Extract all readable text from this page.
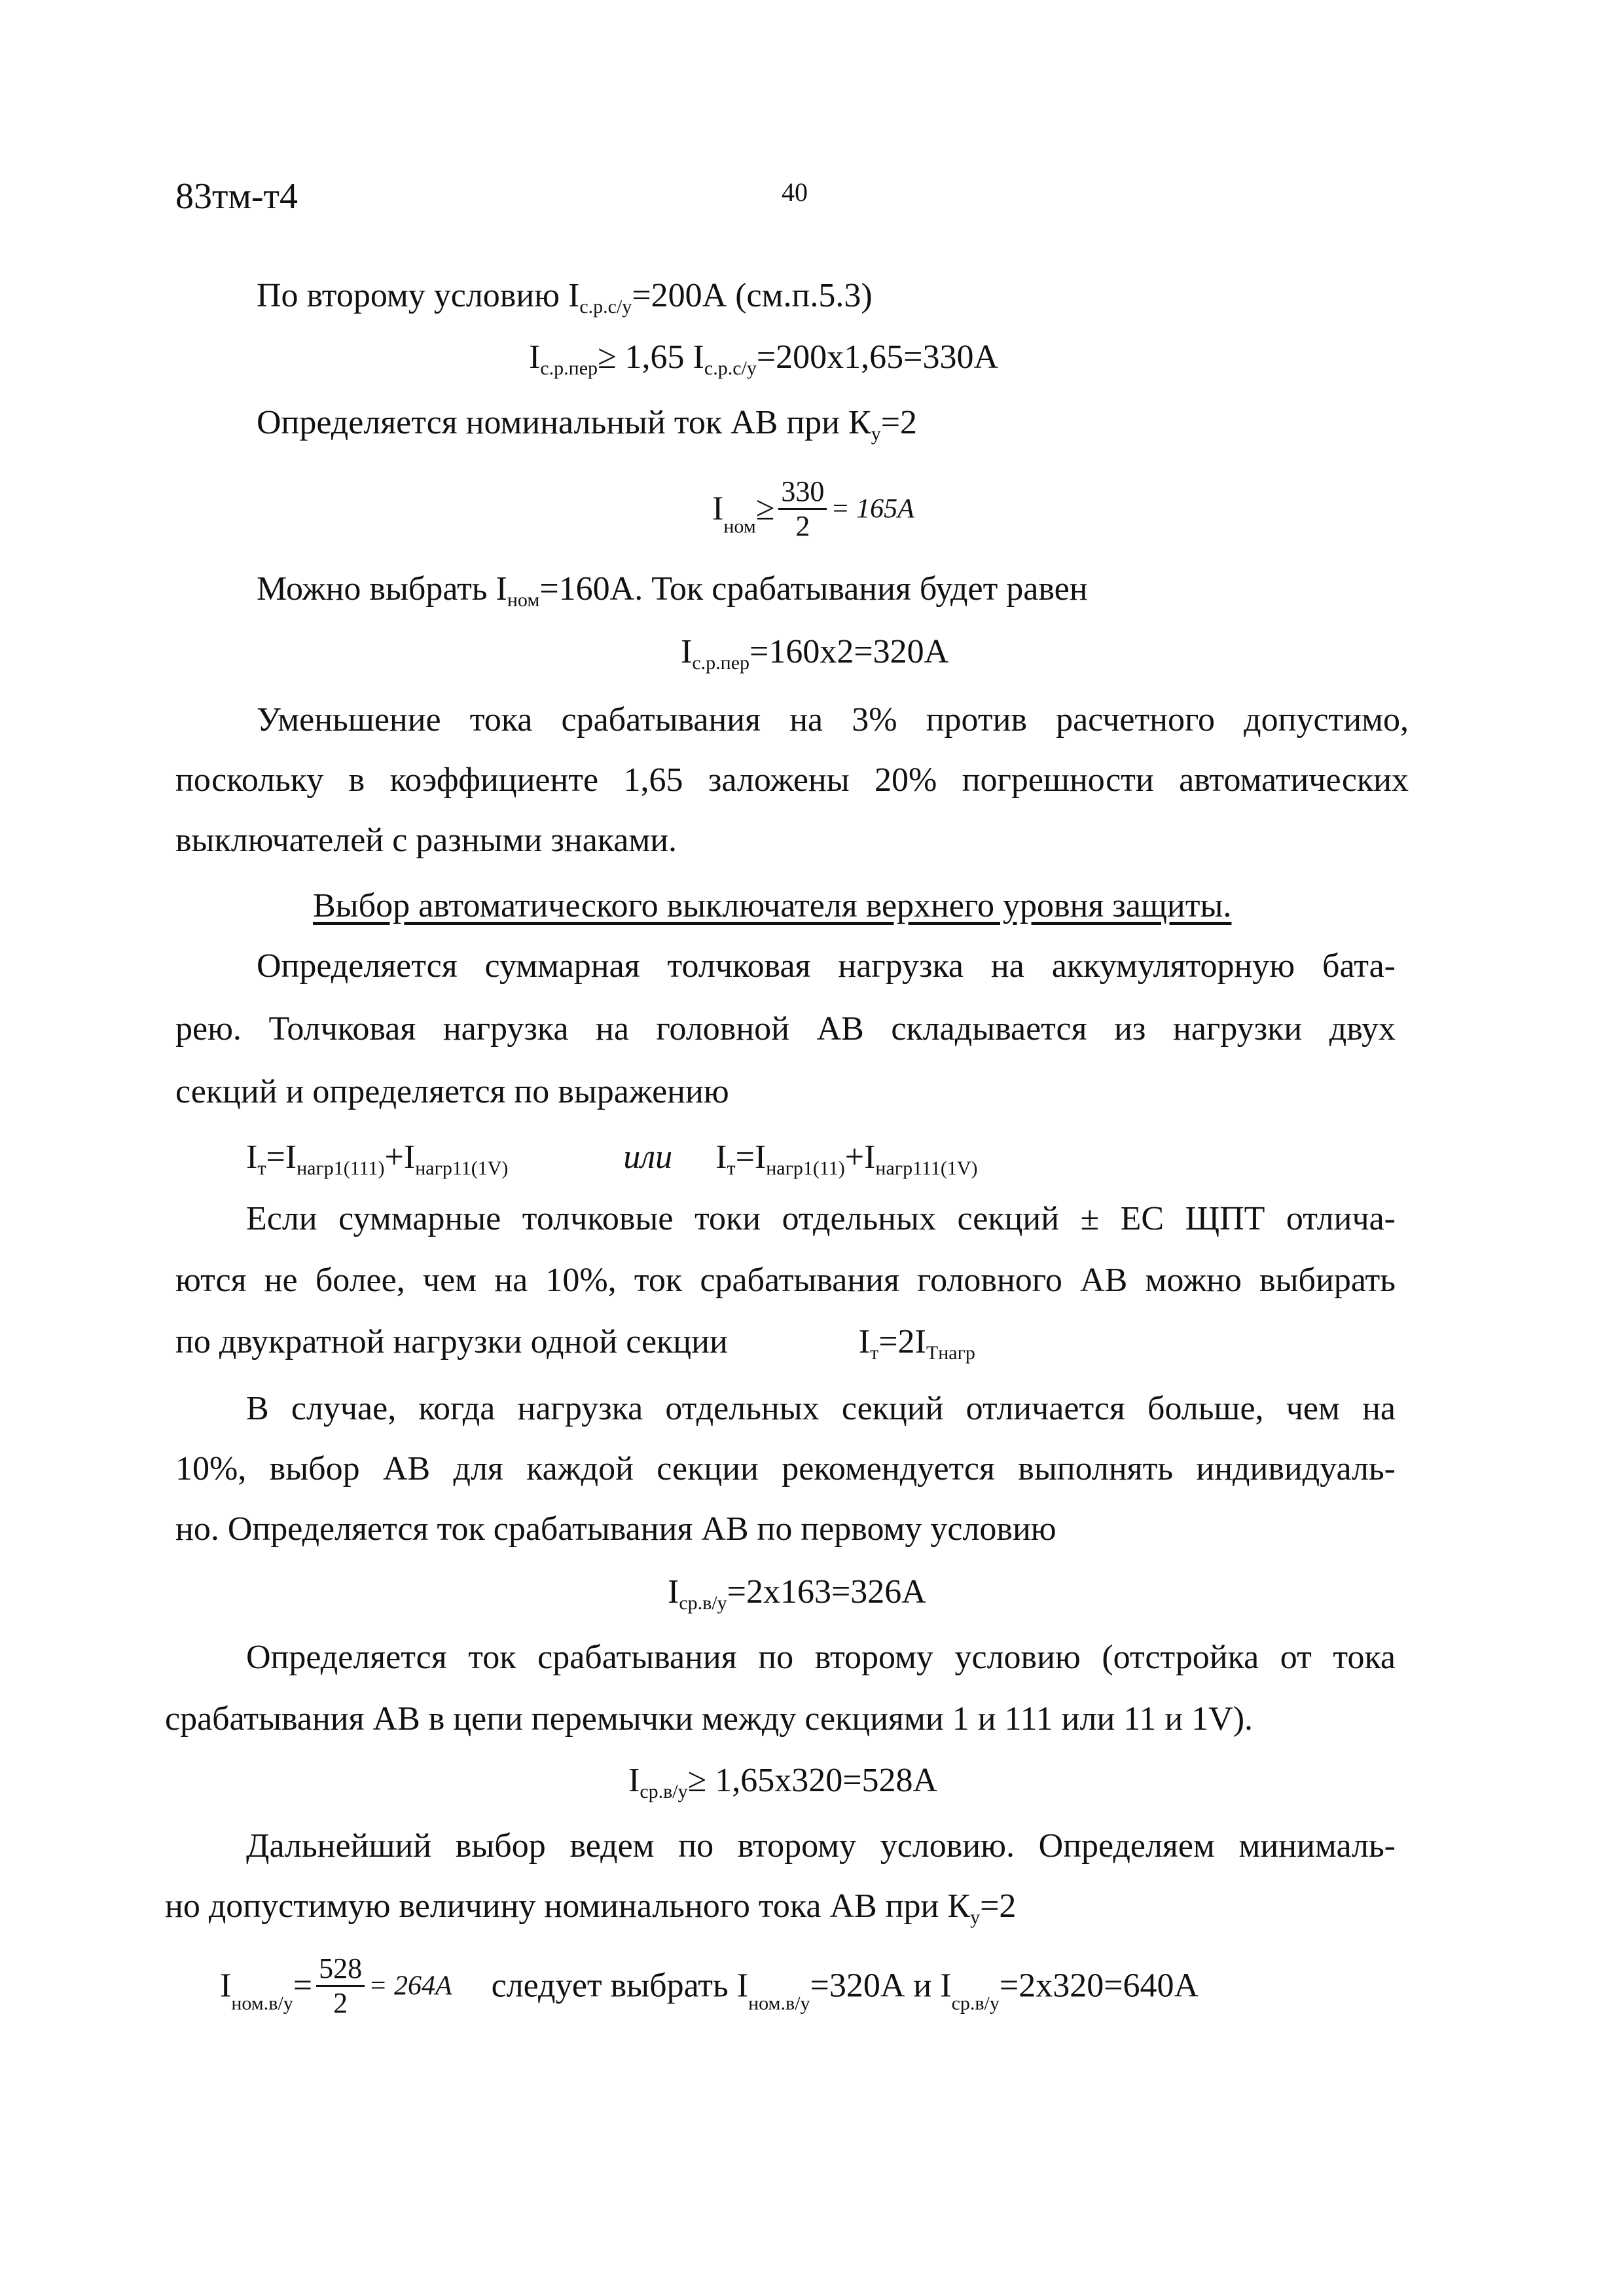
83тм-т4	40
По второму условию $I_{с.р.с/у}=200А$ (см.п.5.3)
$I_{с.р.пер}\ge 1,65$ $I_{с.р.с/у}=200х1,65=330А$
Определяется номинальный ток АВ при $К_у=2$
$I_{ном}\ge \frac{330}{2} = 165А$
Можно выбрать $I_{ном}=160А$. Ток срабатывания будет равен
$I_{с.р.пер}=160х2=320А$
Уменьшение тока срабатывания на 3% против расчетного допустимо,
поскольку в коэффициенте 1,65 заложены 20% погрешности автоматических
выключателей с разными знаками.
Выбор автоматического выключателя верхнего уровня защиты.
Определяется суммарная толчковая нагрузка на аккумуляторную бата-
рею. Толчковая нагрузка на головной АВ складывается из нагрузки двух
секций и определяется по выражению
$I_т=I_{нагр1(111)}+I_{нагр11(1V)}$	или $I_т=I_{нагр1(11)}+I_{нагр111(1V)}$
Если суммарные толчковые токи отдельных секций ± ЕС ЩПТ отлича-
ются не более, чем на 10%, ток срабатывания головного АВ можно выбирать
по двукратной нагрузки одной секции	$I_т=2I_{Тнагр}$
В случае, когда нагрузка отдельных секций отличается больше, чем на
10%, выбор АВ для каждой секции рекомендуется выполнять индивидуаль-
но. Определяется ток срабатывания АВ по первому условию
$I_{ср.в/у}=2х163=326А$
Определяется ток срабатывания по второму условию (отстройка от тока
срабатывания АВ в цепи перемычки между секциями 1 и 111 или 11 и 1V).
$I_{ср.в/у}\ge 1,65х320=528А$
Дальнейший выбор ведем по второму условию. Определяем минималь-
но допустимую величину номинального тока АВ при $К_у=2$
$I_{ном.в/у}= \frac{528}{2} = 264А$ следует выбрать $I_{ном.в/у}=320А$ и $I_{ср.в/у}=2х320=640А$
